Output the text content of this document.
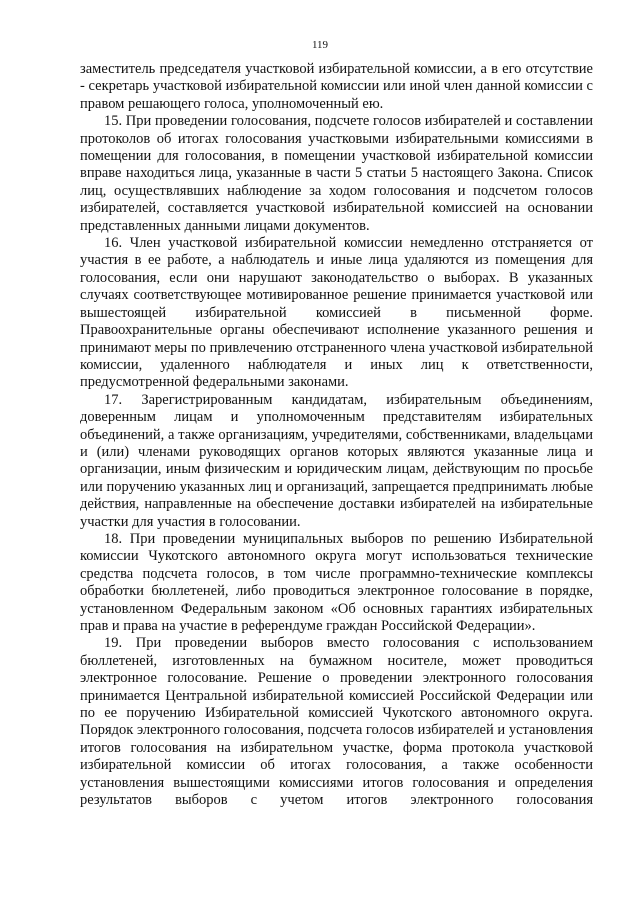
119

заместитель председателя участковой избирательной комиссии, а в его отсутствие - секретарь участковой избирательной комиссии или иной член данной комиссии с правом решающего голоса, уполномоченный ею.

15. При проведении голосования, подсчете голосов избирателей и составлении протоколов об итогах голосования участковыми избирательными комиссиями в помещении для голосования, в помещении участковой избирательной комиссии вправе находиться лица, указанные в части 5 статьи 5 настоящего Закона. Список лиц, осуществлявших наблюдение за ходом голосования и подсчетом голосов избирателей, составляется участковой избирательной комиссией на основании представленных данными лицами документов.

16. Член участковой избирательной комиссии немедленно отстраняется от участия в ее работе, а наблюдатель и иные лица удаляются из помещения для голосования, если они нарушают законодательство о выборах. В указанных случаях соответствующее мотивированное решение принимается участковой или вышестоящей избирательной комиссией в письменной форме. Правоохранительные органы обеспечивают исполнение указанного решения и принимают меры по привлечению отстраненного члена участковой избирательной комиссии, удаленного наблюдателя и иных лиц к ответственности, предусмотренной федеральными законами.

17. Зарегистрированным кандидатам, избирательным объединениям, доверенным лицам и уполномоченным представителям избирательных объединений, а также организациям, учредителями, собственниками, владельцами и (или) членами руководящих органов которых являются указанные лица и организации, иным физическим и юридическим лицам, действующим по просьбе или поручению указанных лиц и организаций, запрещается предпринимать любые действия, направленные на обеспечение доставки избирателей на избирательные участки для участия в голосовании.

18. При проведении муниципальных выборов по решению Избирательной комиссии Чукотского автономного округа могут использоваться технические средства подсчета голосов, в том числе программно-технические комплексы обработки бюллетеней, либо проводиться электронное голосование в порядке, установленном Федеральным законом «Об основных гарантиях избирательных прав и права на участие в референдуме граждан Российской Федерации».

19. При проведении выборов вместо голосования с использованием бюллетеней, изготовленных на бумажном носителе, может проводиться электронное голосование. Решение о проведении электронного голосования принимается Центральной избирательной комиссией Российской Федерации или по ее поручению Избирательной комиссией Чукотского автономного округа. Порядок электронного голосования, подсчета голосов избирателей и установления итогов голосования на избирательном участке, форма протокола участковой избирательной комиссии об итогах голосования, а также особенности установления вышестоящими комиссиями итогов голосования и определения результатов выборов с учетом итогов электронного голосования
